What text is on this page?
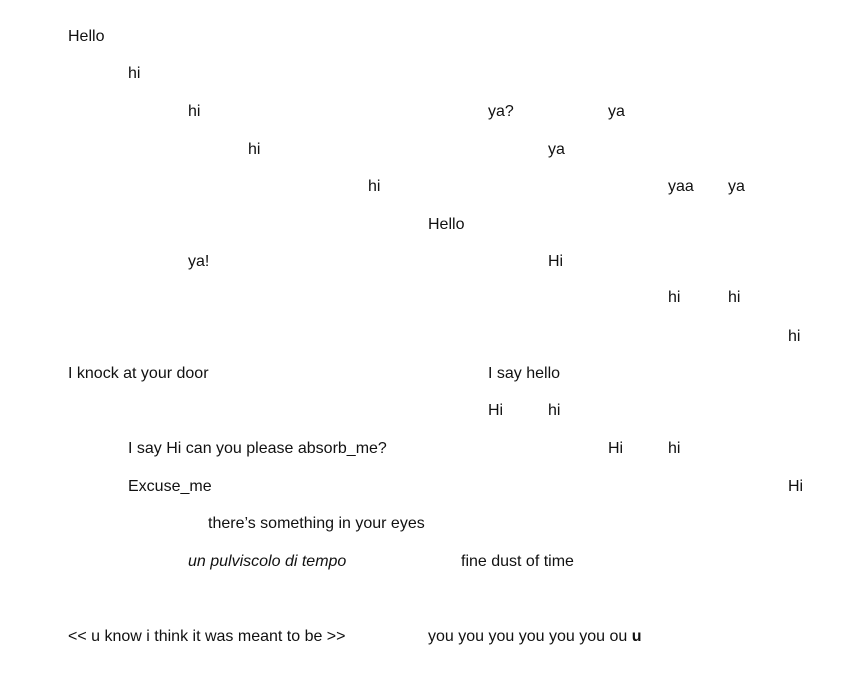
Hello
hi
hi	ya?	ya
hi	ya
hi	yaa ya
Hello
ya!	Hi
hi	hi
hi
I knock at your door	I say hello
Hi	hi
I say Hi can you please absorb_me?	Hi	hi
Excuse_me	Hi
there’s something in your eyes
un pulviscolo di tempo	fine dust of time
<< u know i think it was meant to be >>	you you you you you you ou u
